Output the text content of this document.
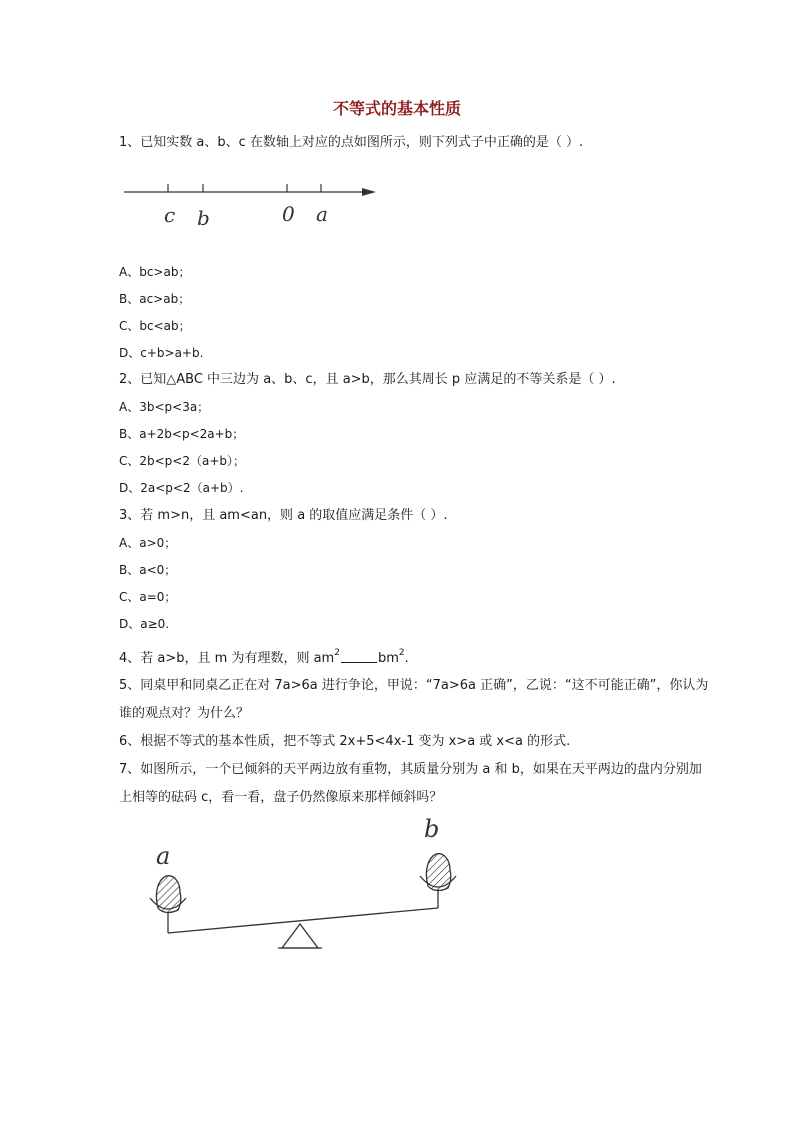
不等式的基本性质
1、已知实数 a、b、c 在数轴上对应的点如图所示，则下列式子中正确的是（ ）.
c b	0 a
A、bc>ab；
B、ac>ab；
C、bc<ab；
D、c+b>a+b.
2、已知△ABC 中三边为 a、b、c，且 a>b，那么其周长 p 应满足的不等关系是（ ）.
A、3b<p<3a；
B、a+2b<p<2a+b；
C、2b<p<2（a+b）；
D、2a<p<2（a+b）.
3、若 m>n，且 am<an，则 a 的取值应满足条件（ ）.
A、a>0；
B、a<0；
C、a=0；
D、a≥0.
4、若 a>b，且 m 为有理数，则 $am^2$	$bm^2$.
5、同桌甲和同桌乙正在对 7a>6a 进行争论，甲说：“7a>6a 正确”，乙说：“这不可能正确”，你认为谁的观点对？为什么？
6、根据不等式的基本性质，把不等式 2x+5<4x-1 变为 x>a 或 x<a 的形式.
7、如图所示，一个已倾斜的天平两边放有重物，其质量分别为 a 和 b，如果在天平两边的盘内分别加上相等的砝码 c，看一看，盘子仍然像原来那样倾斜吗？
a
b
